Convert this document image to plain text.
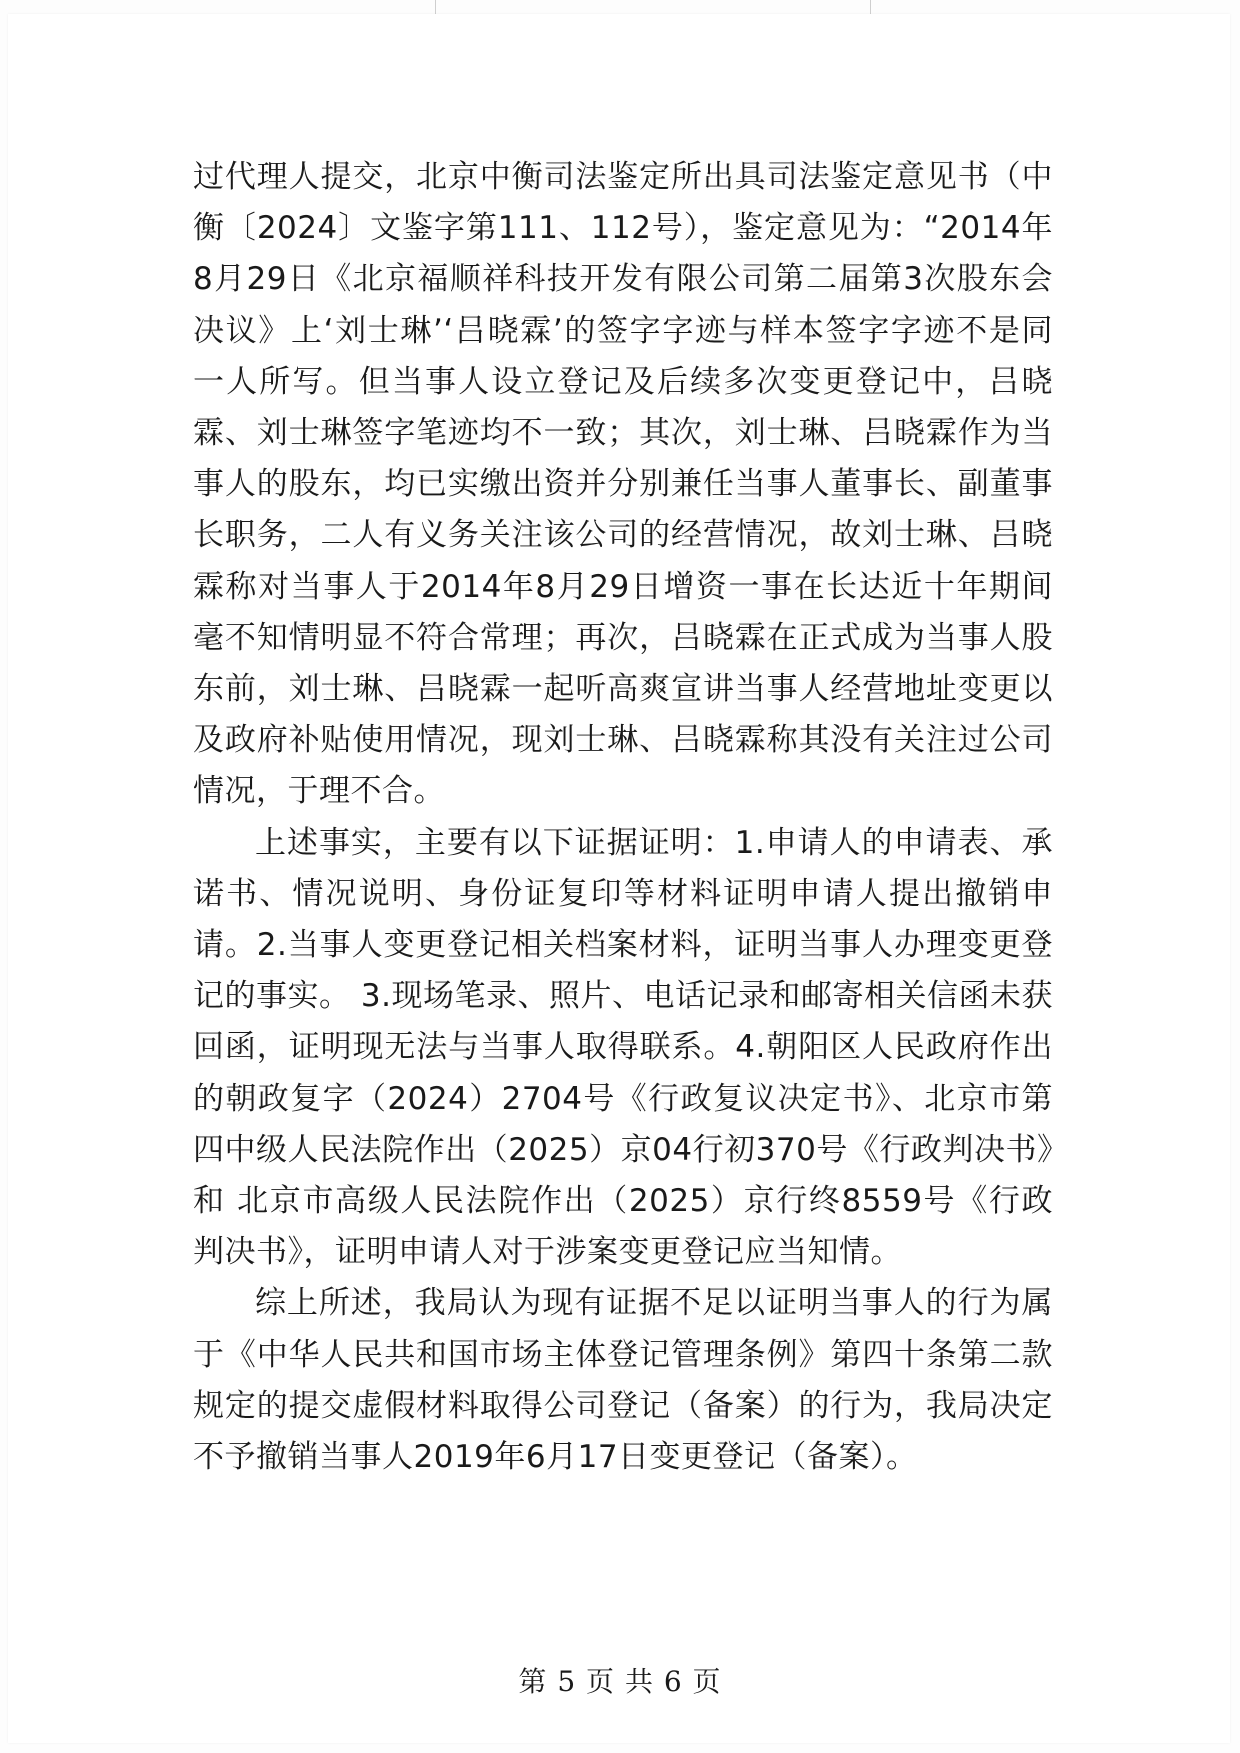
过代理人提交，北京中衡司法鉴定所出具司法鉴定意见书（中衡〔2024〕文鉴字第111、112号），鉴定意见为：“2014年8月29日《北京福顺祥科技开发有限公司第二届第3次股东会决议》上‘刘士琳’‘吕晓霖’的签字字迹与样本签字字迹不是同一人所写。但当事人设立登记及后续多次变更登记中，吕晓霖、刘士琳签字笔迹均不一致；其次，刘士琳、吕晓霖作为当事人的股东，均已实缴出资并分别兼任当事人董事长、副董事长职务，二人有义务关注该公司的经营情况，故刘士琳、吕晓霖称对当事人于2014年8月29日增资一事在长达近十年期间毫不知情明显不符合常理；再次，吕晓霖在正式成为当事人股东前，刘士琳、吕晓霖一起听高爽宣讲当事人经营地址变更以及政府补贴使用情况，现刘士琳、吕晓霖称其没有关注过公司情况，于理不合。

上述事实，主要有以下证据证明：1.申请人的申请表、承诺书、情况说明、身份证复印等材料证明申请人提出撤销申请。2.当事人变更登记相关档案材料，证明当事人办理变更登记的事实。 3.现场笔录、照片、电话记录和邮寄相关信函未获回函，证明现无法与当事人取得联系。4.朝阳区人民政府作出的朝政复字（2024）2704号《行政复议决定书》、北京市第四中级人民法院作出（2025）京04行初370号《行政判决书》和 北京市高级人民法院作出（2025）京行终8559号《行政判决书》，证明申请人对于涉案变更登记应当知情。

综上所述，我局认为现有证据不足以证明当事人的行为属于《中华人民共和国市场主体登记管理条例》第四十条第二款规定的提交虚假材料取得公司登记（备案）的行为，我局决定不予撤销当事人2019年6月17日变更登记（备案）。

第 5 页 共 6 页
